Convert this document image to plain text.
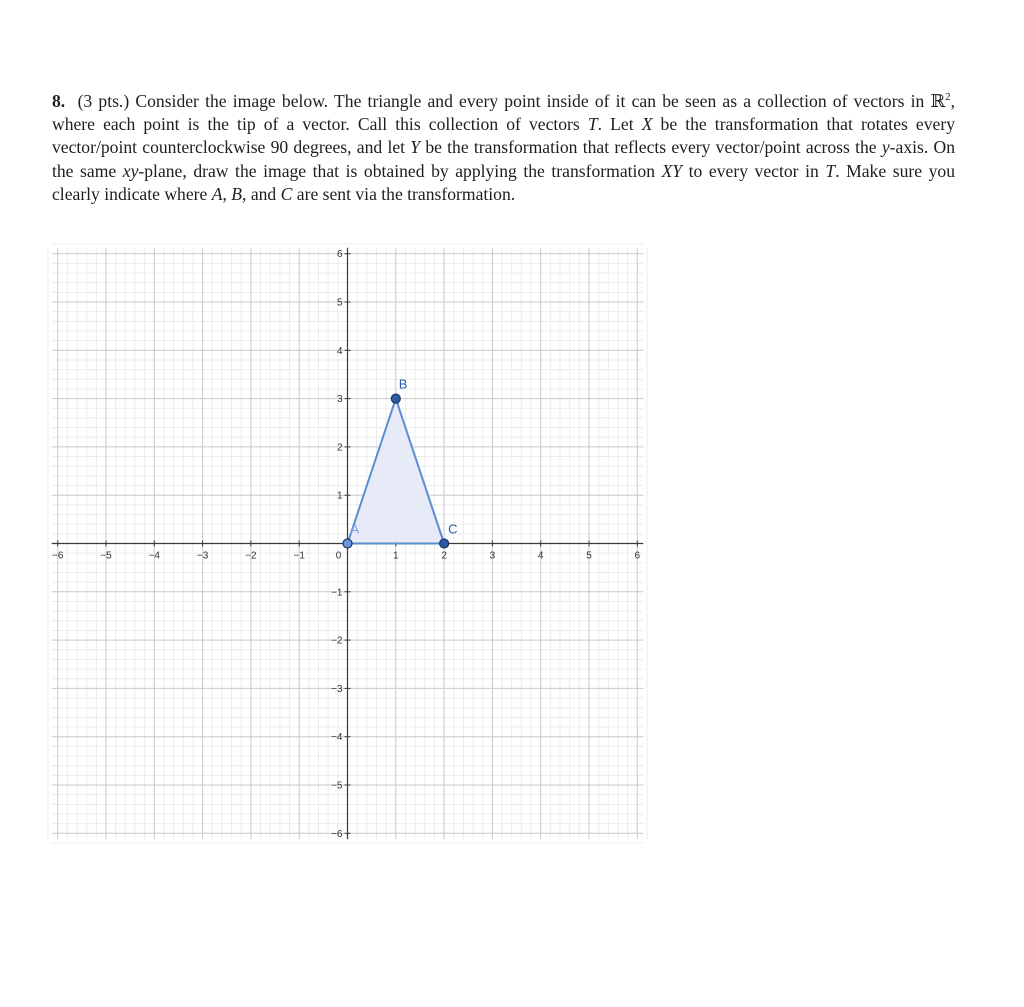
8. (3 pts.) Consider the image below. The triangle and every point inside of it can be seen as a collection of vectors in ℝ$^2$, where each point is the tip of a vector. Call this collection of vectors T. Let X be the transformation that rotates every vector/point counterclockwise 90 degrees, and let Y be the transformation that reflects every vector/point across the y-axis. On the same xy-plane, draw the image that is obtained by applying the transformation XY to every vector in T. Make sure you clearly indicate where A, B, and C are sent via the transformation.

−6	−5	−4	−3	−2	−1	1	2	3	4	5	6
−6
−5
−4
−3
−2
−1
1
2
3
4
5
6
0
A
B
C
